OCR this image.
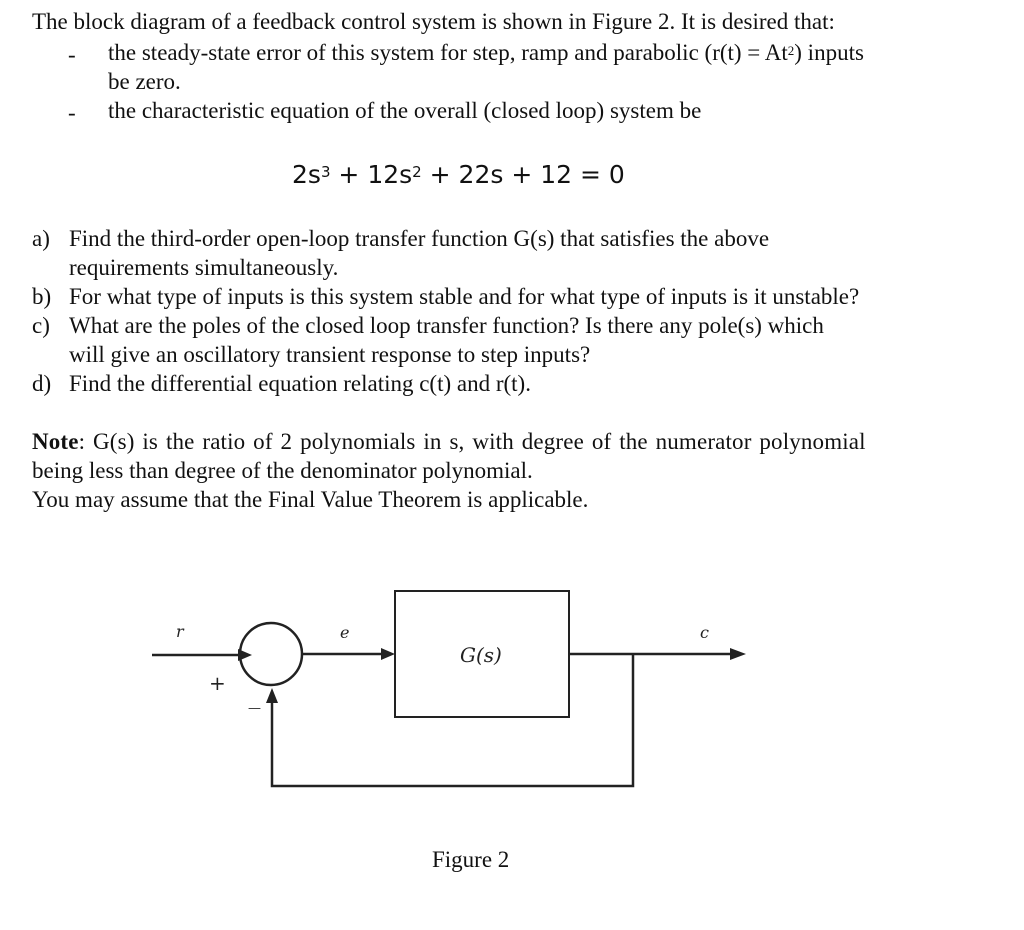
The block diagram of a feedback control system is shown in Figure 2. It is desired that:
- the steady-state error of this system for step, ramp and parabolic $(r(t) = At^2)$ inputs
be zero.
- the characteristic equation of the overall (closed loop) system be
$2s^3 + 12s^2 + 22s + 12 = 0$
a) Find the third-order open-loop transfer function G(s) that satisfies the above
requirements simultaneously.
b) For what type of inputs is this system stable and for what type of inputs is it unstable?
c) What are the poles of the closed loop transfer function? Is there any pole(s) which
will give an oscillatory transient response to step inputs?
d) Find the differential equation relating c(t) and r(t).
Note: G(s) is the ratio of 2 polynomials in s, with degree of the numerator polynomial
being less than degree of the denominator polynomial.
You may assume that the Final Value Theorem is applicable.
r	e	c
G(s)
+
—
Figure 2
